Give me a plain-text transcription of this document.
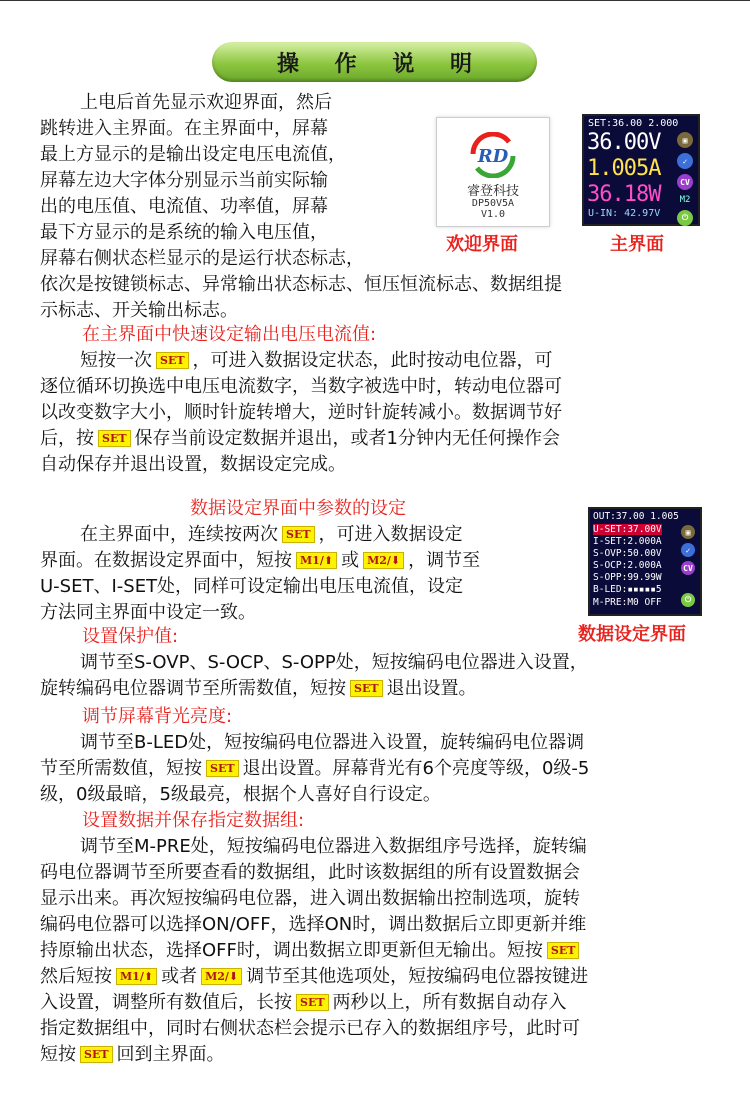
操 作 说 明
上电后首先显示欢迎界面，然后
跳转进入主界面。在主界面中，屏幕
最上方显示的是输出设定电压电流值，
屏幕左边大字体分别显示当前实际输
出的电压值、电流值、功率值，屏幕
最下方显示的是系统的输入电压值，
屏幕右侧状态栏显示的是运行状态标志，
依次是按键锁标志、异常输出状态标志、恒压恒流标志、数据组提
示标志、开关输出标志。
RD
睿登科技
DP50V5A
V1.0
欢迎界面
SET:36.00 2.000
36.00V
1.005A
36.18W
U-IN: 42.97V
▣
✓
CV
M2
⏻
主界面
在主界面中快速设定输出电压电流值:
短按一次 SET ，可进入数据设定状态，此时按动电位器，可
逐位循环切换选中电压电流数字，当数字被选中时，转动电位器可
以改变数字大小，顺时针旋转增大，逆时针旋转减小。数据调节好
后，按 SET 保存当前设定数据并退出，或者1分钟内无任何操作会
自动保存并退出设置，数据设定完成。
数据设定界面中参数的设定
在主界面中，连续按两次 SET ，可进入数据设定
界面。在数据设定界面中，短按 M1/⬆ 或 M2/⬇ ，调节至
U-SET、I-SET处，同样可设定输出电压电流值，设定
方法同主界面中设定一致。
OUT:37.00 1.005
U-SET:37.00V
I-SET:2.000A
S-OVP:50.00V
S-OCP:2.000A
S-OPP:99.99W
B-LED:▪▪▪▪▪5
M-PRE:M0 OFF
▣
✓
CV
⏻
数据设定界面
设置保护值:
调节至S-OVP、S-OCP、S-OPP处，短按编码电位器进入设置，
旋转编码电位器调节至所需数值，短按 SET 退出设置。
调节屏幕背光亮度:
调节至B-LED处，短按编码电位器进入设置，旋转编码电位器调
节至所需数值，短按 SET 退出设置。屏幕背光有6个亮度等级，0级-5
级，0级最暗，5级最亮，根据个人喜好自行设定。
设置数据并保存指定数据组:
调节至M-PRE处，短按编码电位器进入数据组序号选择，旋转编
码电位器调节至所要查看的数据组，此时该数据组的所有设置数据会
显示出来。再次短按编码电位器，进入调出数据输出控制选项，旋转
编码电位器可以选择ON/OFF，选择ON时，调出数据后立即更新并维
持原输出状态，选择OFF时，调出数据立即更新但无输出。短按 SET
然后短按 M1/⬆ 或者 M2/⬇ 调节至其他选项处，短按编码电位器按键进
入设置，调整所有数值后，长按 SET 两秒以上，所有数据自动存入
指定数据组中，同时右侧状态栏会提示已存入的数据组序号，此时可
短按 SET 回到主界面。
